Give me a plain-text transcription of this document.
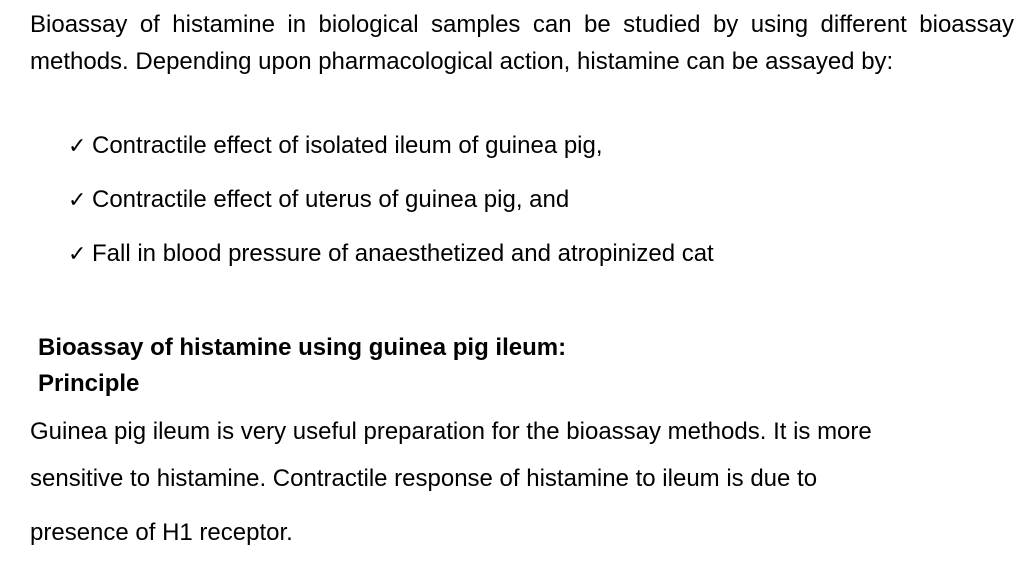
Bioassay of histamine in biological samples can be studied by using different bioassay methods. Depending upon pharmacological action, histamine can be assayed by:

✓ Contractile effect of isolated ileum of guinea pig,
✓ Contractile effect of uterus of guinea pig, and
✓ Fall in blood pressure of anaesthetized and atropinized cat

Bioassay of histamine using guinea pig ileum:

Principle

Guinea pig ileum is very useful preparation for the bioassay methods. It is more

sensitive to histamine. Contractile response of histamine to ileum is due to

presence of H1 receptor.
